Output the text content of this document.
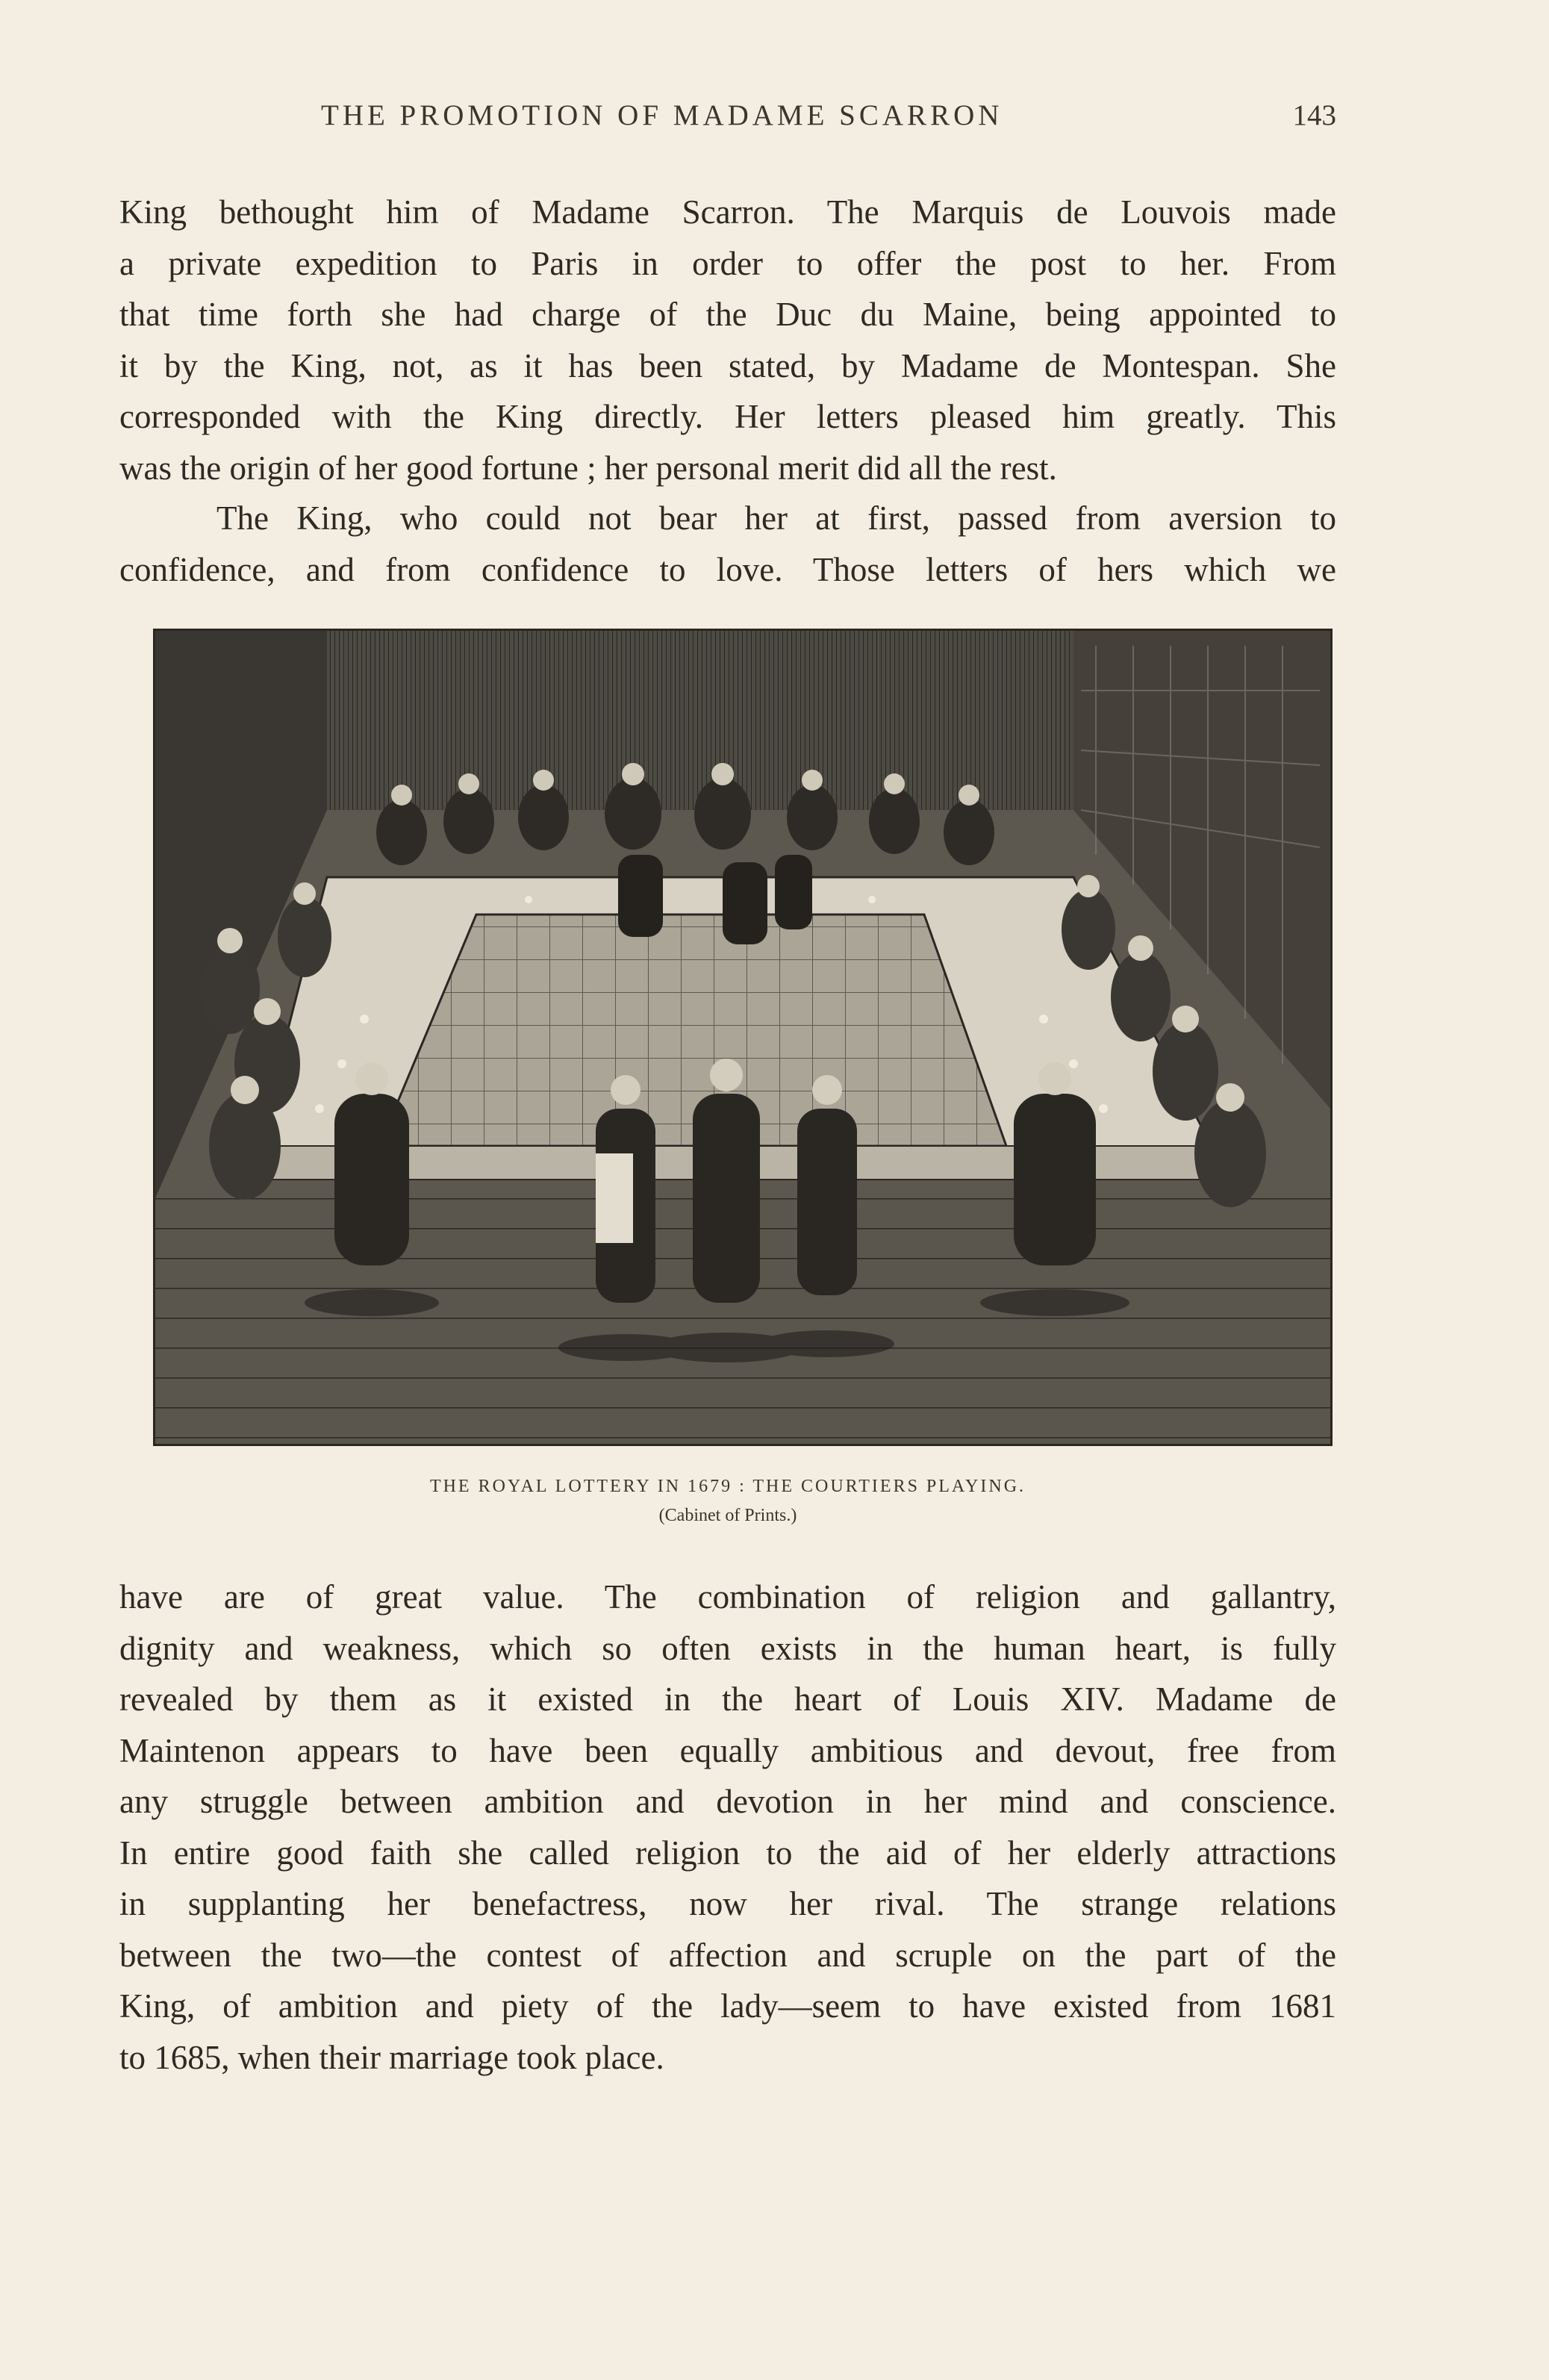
THE PROMOTION OF MADAME SCARRON	143

King bethought him of Madame Scarron. The Marquis de Louvois made
a private expedition to Paris in order to offer the post to her. From
that time forth she had charge of the Duc du Maine, being appointed to
it by the King, not, as it has been stated, by Madame de Montespan. She
corresponded with the King directly. Her letters pleased him greatly. This
was the origin of her good fortune ; her personal merit did all the rest.

The King, who could not bear her at first, passed from aversion to
confidence, and from confidence to love. Those letters of hers which we

THE ROYAL LOTTERY IN 1679 : THE COURTIERS PLAYING.
(Cabinet of Prints.)

have are of great value. The combination of religion and gallantry,
dignity and weakness, which so often exists in the human heart, is fully
revealed by them as it existed in the heart of Louis XIV. Madame de
Maintenon appears to have been equally ambitious and devout, free from
any struggle between ambition and devotion in her mind and conscience.
In entire good faith she called religion to the aid of her elderly attractions
in supplanting her benefactress, now her rival. The strange relations
between the two—the contest of affection and scruple on the part of the
King, of ambition and piety of the lady—seem to have existed from 1681
to 1685, when their marriage took place.
